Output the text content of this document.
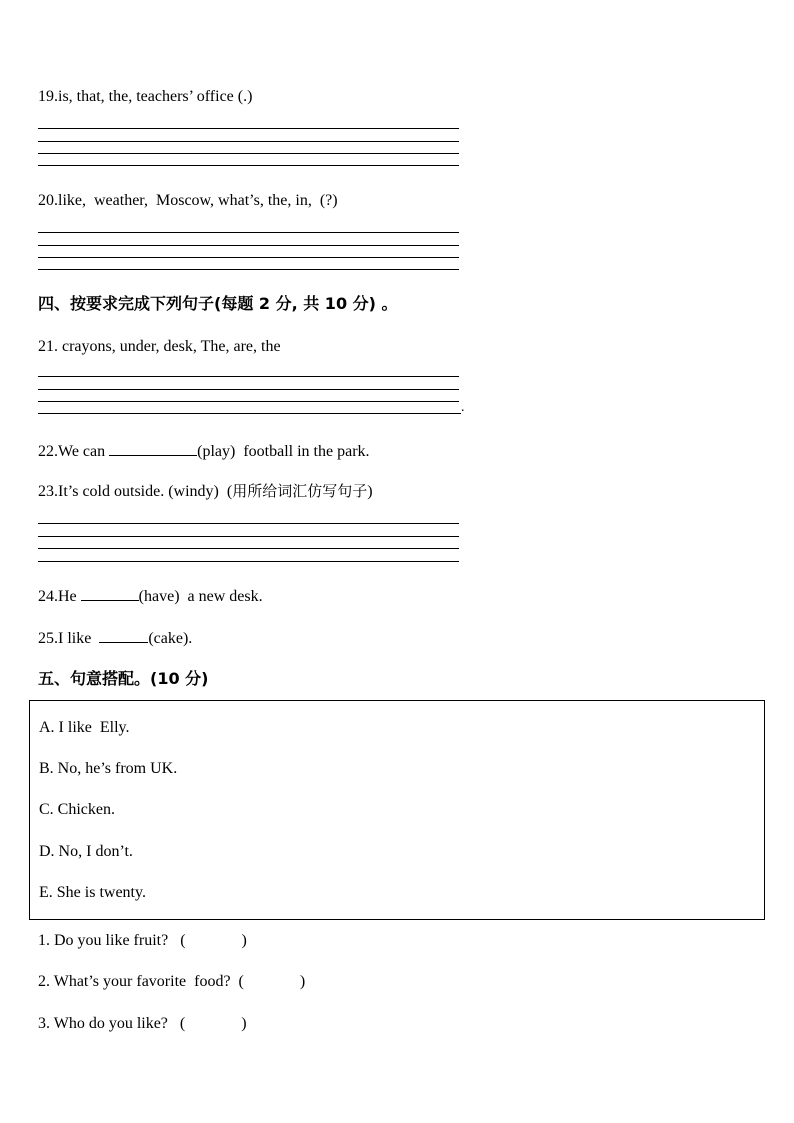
19.is, that, the, teachers’ office (.)
20.like,  weather,  Moscow, what’s, the, in,  (?)
四、按要求完成下列句子(每题 2 分, 共 10 分) 。
21. crayons, under, desk, The, are, the
.
22.We can	(play)  football in the park.
23.It’s cold outside. (windy)  (用所给词汇仿写句子)
24.He	(have)  a new desk.
25.I like	(cake).
五、句意搭配。(10 分)
A. I like  Elly.
B. No, he’s from UK.
C. Chicken.
D. No, I don’t.
E. She is twenty.
1. Do you like fruit?   (              )
2. What’s your favorite  food?  (              )
3. Who do you like?   (              )
